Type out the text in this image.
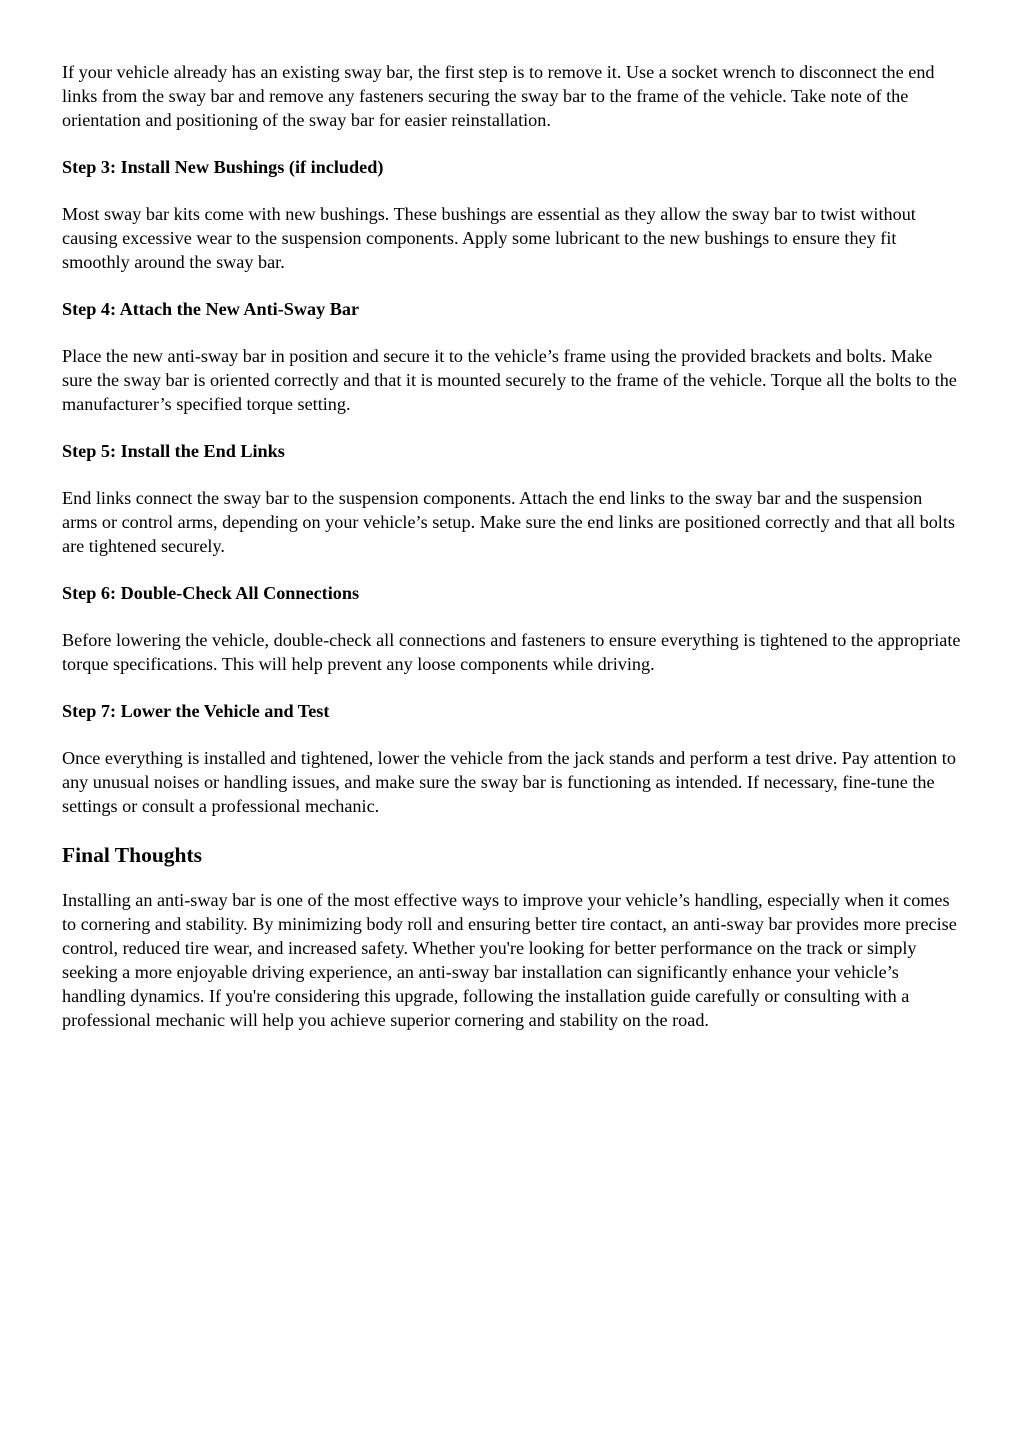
If your vehicle already has an existing sway bar, the first step is to remove it. Use a socket wrench to disconnect the end links from the sway bar and remove any fasteners securing the sway bar to the frame of the vehicle. Take note of the orientation and positioning of the sway bar for easier reinstallation.

Step 3: Install New Bushings (if included)

Most sway bar kits come with new bushings. These bushings are essential as they allow the sway bar to twist without causing excessive wear to the suspension components. Apply some lubricant to the new bushings to ensure they fit smoothly around the sway bar.

Step 4: Attach the New Anti-Sway Bar

Place the new anti-sway bar in position and secure it to the vehicle’s frame using the provided brackets and bolts. Make sure the sway bar is oriented correctly and that it is mounted securely to the frame of the vehicle. Torque all the bolts to the manufacturer’s specified torque setting.

Step 5: Install the End Links

End links connect the sway bar to the suspension components. Attach the end links to the sway bar and the suspension arms or control arms, depending on your vehicle’s setup. Make sure the end links are positioned correctly and that all bolts are tightened securely.

Step 6: Double-Check All Connections

Before lowering the vehicle, double-check all connections and fasteners to ensure everything is tightened to the appropriate torque specifications. This will help prevent any loose components while driving.

Step 7: Lower the Vehicle and Test

Once everything is installed and tightened, lower the vehicle from the jack stands and perform a test drive. Pay attention to any unusual noises or handling issues, and make sure the sway bar is functioning as intended. If necessary, fine-tune the settings or consult a professional mechanic.

Final Thoughts

Installing an anti-sway bar is one of the most effective ways to improve your vehicle’s handling, especially when it comes to cornering and stability. By minimizing body roll and ensuring better tire contact, an anti-sway bar provides more precise control, reduced tire wear, and increased safety. Whether you're looking for better performance on the track or simply seeking a more enjoyable driving experience, an anti-sway bar installation can significantly enhance your vehicle’s handling dynamics. If you're considering this upgrade, following the installation guide carefully or consulting with a professional mechanic will help you achieve superior cornering and stability on the road.
